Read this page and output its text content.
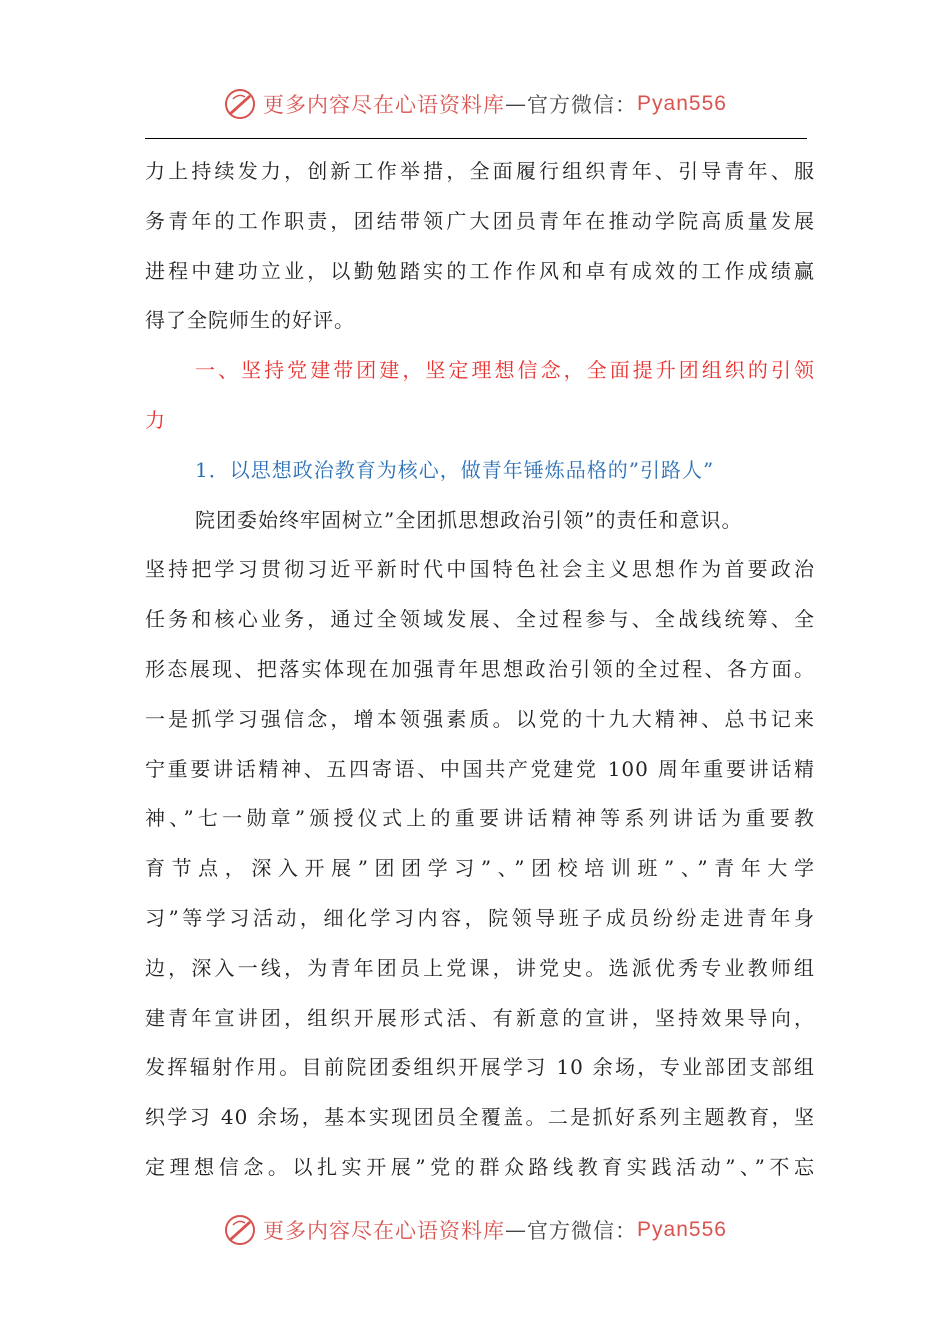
更多内容尽在心语资料库 — 官方微信： Pyan556
力上持续发力，创新工作举措，全面履行组织青年、引导青年、服
务青年的工作职责，团结带领广大团员青年在推动学院高质量发展
进程中建功立业，以勤勉踏实的工作作风和卓有成效的工作成绩赢
得了全院师生的好评。
一、坚持党建带团建，坚定理想信念，全面提升团组织的引领
力
1．以思想政治教育为核心，做青年锤炼品格的”引路人”
院团委始终牢固树立”全团抓思想政治引领”的责任和意识。
坚持把学习贯彻习近平新时代中国特色社会主义思想作为首要政治
任务和核心业务，通过全领域发展、全过程参与、全战线统筹、全
形态展现、把落实体现在加强青年思想政治引领的全过程、各方面。
一是抓学习强信念，增本领强素质。以党的十九大精神、总书记来
宁重要讲话精神、五四寄语、中国共产党建党 100 周年重要讲话精
神、”七一勋章”颁授仪式上的重要讲话精神等系列讲话为重要教
育节点，深入开展”团团学习”、”团校培训班”、”青年大学
习”等学习活动，细化学习内容，院领导班子成员纷纷走进青年身
边，深入一线，为青年团员上党课，讲党史。选派优秀专业教师组
建青年宣讲团，组织开展形式活、有新意的宣讲，坚持效果导向，
发挥辐射作用。目前院团委组织开展学习 10 余场，专业部团支部组
织学习 40 余场，基本实现团员全覆盖。二是抓好系列主题教育，坚
定理想信念。以扎实开展”党的群众路线教育实践活动”、”不忘
更多内容尽在心语资料库 — 官方微信： Pyan556
